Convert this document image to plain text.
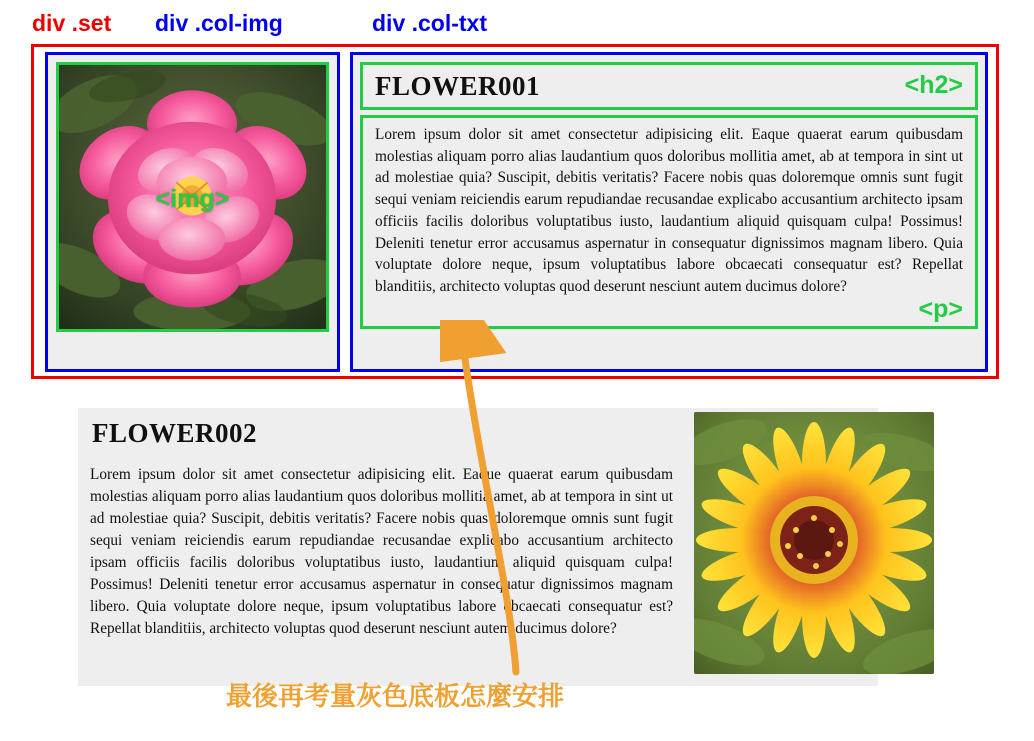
div .set div .col-img	div .col-txt
<img>
FLOWER001	<h2>

Lorem ipsum dolor sit amet consectetur adipisicing elit. Eaque quaerat earum quibusdam molestias aliquam porro alias laudantium quos doloribus mollitia amet, ab at tempora in sint ut ad molestiae quia? Suscipit, debitis veritatis? Facere nobis quas doloremque omnis sunt fugit sequi veniam reiciendis earum repudiandae recusandae explicabo accusantium architecto ipsam officiis facilis doloribus voluptatibus iusto, laudantium aliquid quisquam culpa! Possimus! Deleniti tenetur error accusamus aspernatur in consequatur dignissimos magnam libero. Quia voluptate dolore neque, ipsum voluptatibus labore obcaecati consequatur est? Repellat blanditiis, architecto voluptas quod deserunt nesciunt autem ducimus dolore?

<p>
FLOWER002

Lorem ipsum dolor sit amet consectetur adipisicing elit. Eaque quaerat earum quibusdam molestias aliquam porro alias laudantium quos doloribus mollitia amet, ab at tempora in sint ut ad molestiae quia? Suscipit, debitis veritatis? Facere nobis quas doloremque omnis sunt fugit sequi veniam reiciendis earum repudiandae recusandae explicabo accusantium architecto ipsam officiis facilis doloribus voluptatibus iusto, laudantium aliquid quisquam culpa! Possimus! Deleniti tenetur error accusamus aspernatur in consequatur dignissimos magnam libero. Quia voluptate dolore neque, ipsum voluptatibus labore obcaecati consequatur est? Repellat blanditiis, architecto voluptas quod deserunt nesciunt autem ducimus dolore?

最後再考量灰色底板怎麼安排
